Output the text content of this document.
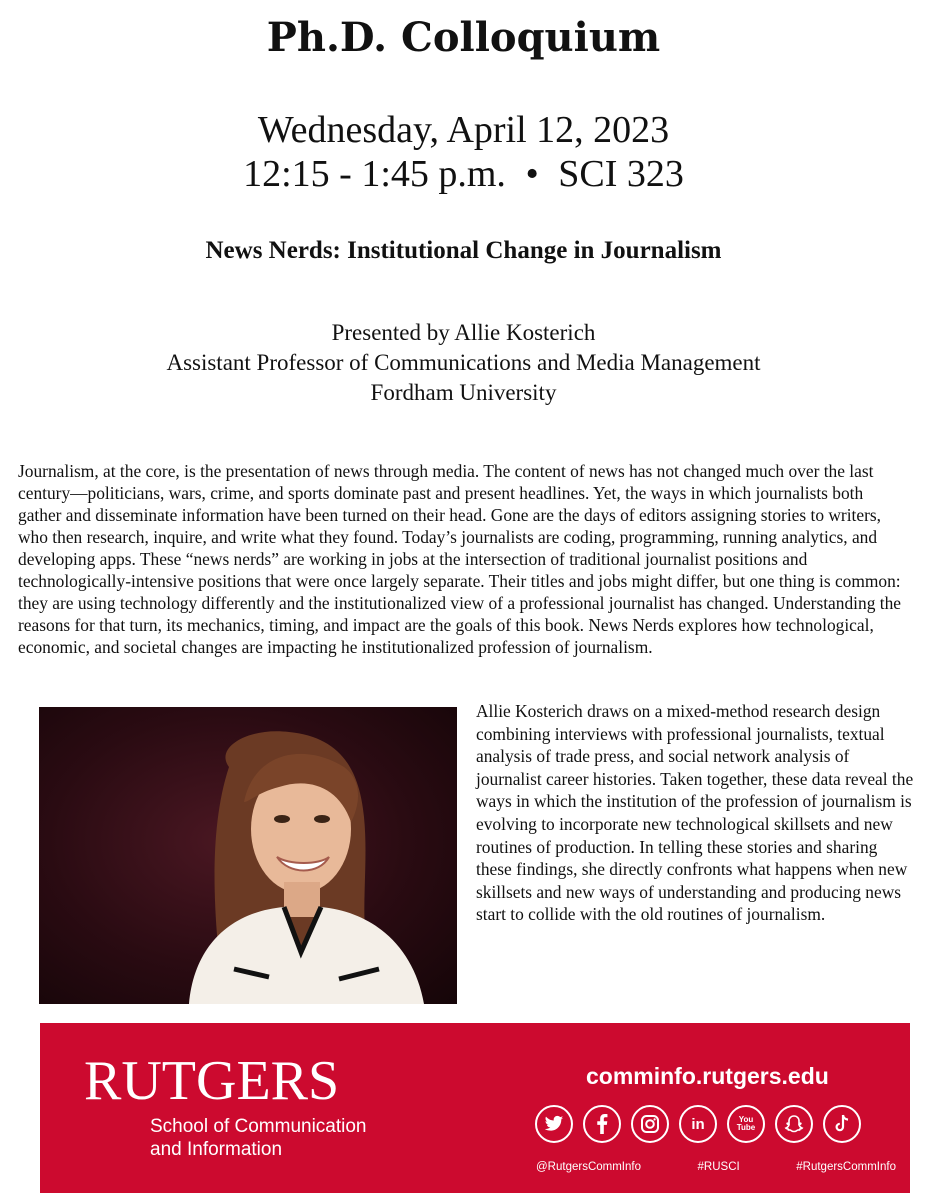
Ph.D. Colloquium
Wednesday, April 12, 2023
12:15 - 1:45 p.m. • SCI 323
News Nerds: Institutional Change in Journalism
Presented by Allie Kosterich
Assistant Professor of Communications and Media Management
Fordham University
Journalism, at the core, is the presentation of news through media. The content of news has not changed much over the last century—politicians, wars, crime, and sports dominate past and present headlines. Yet, the ways in which journalists both gather and disseminate information have been turned on their head. Gone are the days of editors assigning stories to writers, who then research, inquire, and write what they found. Today’s journalists are coding, programming, running analytics, and developing apps. These “news nerds” are working in jobs at the intersection of traditional journalist positions and technologically-intensive positions that were once largely separate. Their titles and jobs might differ, but one thing is common: they are using technology differently and the institutionalized view of a professional journalist has changed. Understanding the reasons for that turn, its mechanics, timing, and impact are the goals of this book. News Nerds explores how technological, economic, and societal changes are impacting he institutionalized profession of journalism.
Allie Kosterich draws on a mixed-method research design combining interviews with professional journalists, textual analysis of trade press, and social network analysis of journalist career histories. Taken together, these data reveal the ways in which the institution of the profession of journalism is evolving to incorporate new technological skillsets and new routines of production. In telling these stories and sharing these findings, she directly confronts what happens when new skillsets and new ways of understanding and producing news start to collide with the old routines of journalism.
RUTGERS
School of Communication
and Information
comminfo.rutgers.edu
in	You Tube
@RutgersCommInfo	#RUSCI	#RutgersCommInfo
